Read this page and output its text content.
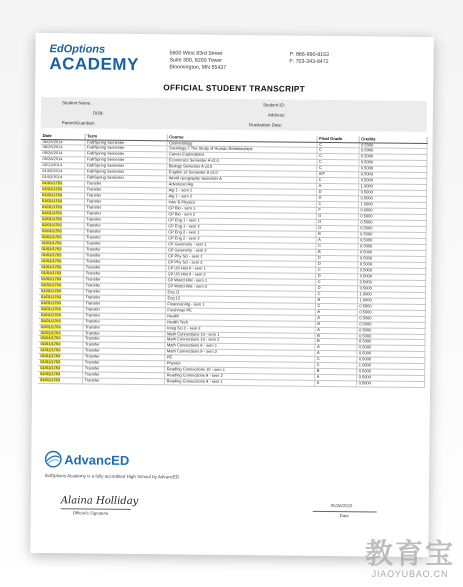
EdOptions
ACADEMY
5600 West 83rd Street
Suite 300, 8200 Tower
Bloomington, MN 55437
P: 866-890-8153
F: 703-343-8472
OFFICIAL STUDENT TRANSCRIPT
Student Name:	Student ID:
DOB:	Address:
Parent/Guardian:	Graduation Date:
Date	Term	Course	Final Grade	Credits
06/25/2014	Fall/Spring Semester	Cosmetology	C	0.5000
06/25/2014	Fall/Spring Semester	Sociology I: The Study of Human Relationships	C	0.5000
05/26/2014	Fall/Spring Semester	Career Explorations	C	0.5000
05/26/2014	Fall/Spring Semester	Economics Semester A v2.0	C	0.5000
02/11/2014	Fall/Spring Semester	Biology Semester A v3.0	C	0.5000
01/02/2014	Fall/Spring Semester	English 12 Semester A v3.0	A/F	0.5000
01/02/2014	Fall/Spring Semester	World Geography Semester A	C	0.5000
01/01/1753	Transfer	Advanced Alg	A	1.0000
01/01/1753	Transfer	Alg 1 - sem 1	D	0.5000
01/01/1753	Transfer	Alg 1 - sem 2	D	0.5000
01/01/1753	Transfer	Inter & Physics	C	1.0000
01/01/1753	Transfer	CP Bio - sem 1	F	0.0000
01/01/1753	Transfer	CP Bio - sem 2	D	0.5000
01/01/1753	Transfer	CP Eng 1 - sem 1	D	0.5000
01/01/1753	Transfer	CP Eng 1 - sem 2	D	0.5000
01/01/1753	Transfer	CP Eng 2 - sem 1	B	0.5000
01/01/1753	Transfer	CP Eng 2 - sem 2	A	0.5000
01/01/1753	Transfer	CP Geometry - sem 1	C	0.5000
01/01/1753	Transfer	CP Geometry - sem 2	B	0.5000
01/01/1753	Transfer	CP Phy Sci - sem 1	D	0.5000
01/01/1753	Transfer	CP Phy Sci - sem 2	D	0.5000
01/01/1753	Transfer	CP US Hist II - sem 1	C	0.5000
01/01/1753	Transfer	CP US Hist II - sem 2	D	0.5000
01/01/1753	Transfer	CP World Hist - sem 1	C	0.5000
01/01/1753	Transfer	CP World Hist - sem 2	D	0.5000
01/01/1753	Transfer	Eng 11	C	1.0000
01/01/1753	Transfer	Eng 12	B	1.0000
01/01/1753	Transfer	Financial Alg - sem 1	C	0.5000
01/01/1753	Transfer	Freshman PE	A	0.5000
01/01/1753	Transfer	Health	A	0.5000
01/01/1753	Transfer	Health Tech	B	0.5000
01/01/1753	Transfer	Integ Sci 2 - sem 2	A	0.5000
01/01/1753	Transfer	Math Connections 10 - sem 1	B	0.5000
01/01/1753	Transfer	Math Connections 10 - sem 2	B	0.5000
01/01/1753	Transfer	Math Connections 9 - sem 1	A	0.5000
01/01/1753	Transfer	Math Connections 9 - sem 2	A	0.5000
01/01/1753	Transfer	PE	C	0.5000
01/01/1753	Transfer	Physics	C	1.0000
01/01/1753	Transfer	Reading Connections 10 - sem 1	B	0.5000
01/01/1753	Transfer	Reading Connections 9 - sem 2	A	0.5000
01/01/1753	Transfer	Reading Connections 9 - sem 1	A	0.5000
AdvancED
EdOptions Academy is a fully accredited High School by AdvancED
Alaina Holliday
Official's Signature
05/28/2020
Date
教育宝
JIAOYUBAO.CN
